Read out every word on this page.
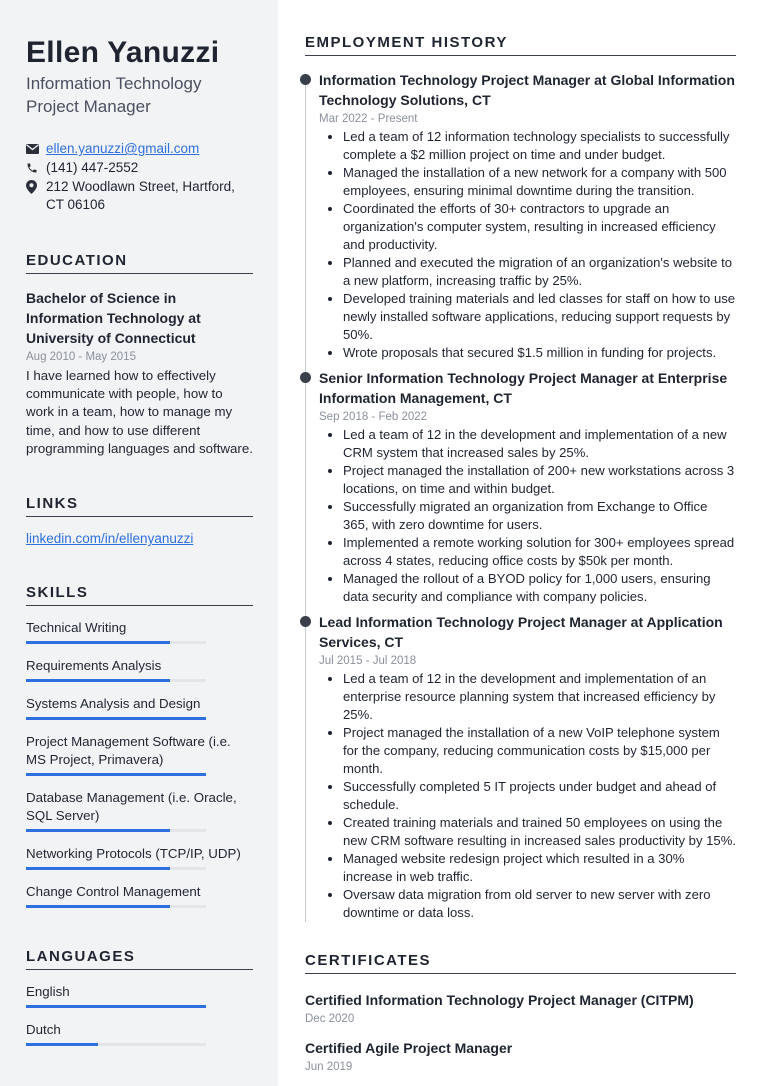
Ellen Yanuzzi
Information Technology Project Manager
ellen.yanuzzi@gmail.com
(141) 447-2552
212 Woodlawn Street, Hartford, CT 06106
EDUCATION
Bachelor of Science in Information Technology at University of Connecticut
Aug 2010 - May 2015
I have learned how to effectively communicate with people, how to work in a team, how to manage my time, and how to use different programming languages and software.
LINKS
linkedin.com/in/ellenyanuzzi
SKILLS
Technical Writing
Requirements Analysis
Systems Analysis and Design
Project Management Software (i.e. MS Project, Primavera)
Database Management (i.e. Oracle, SQL Server)
Networking Protocols (TCP/IP, UDP)
Change Control Management
LANGUAGES
English
Dutch
EMPLOYMENT HISTORY
Information Technology Project Manager at Global Information Technology Solutions, CT
Mar 2022 - Present
• Led a team of 12 information technology specialists to successfully complete a $2 million project on time and under budget.
• Managed the installation of a new network for a company with 500 employees, ensuring minimal downtime during the transition.
• Coordinated the efforts of 30+ contractors to upgrade an organization's computer system, resulting in increased efficiency and productivity.
• Planned and executed the migration of an organization's website to a new platform, increasing traffic by 25%.
• Developed training materials and led classes for staff on how to use newly installed software applications, reducing support requests by 50%.
• Wrote proposals that secured $1.5 million in funding for projects.
Senior Information Technology Project Manager at Enterprise Information Management, CT
Sep 2018 - Feb 2022
• Led a team of 12 in the development and implementation of a new CRM system that increased sales by 25%.
• Project managed the installation of 200+ new workstations across 3 locations, on time and within budget.
• Successfully migrated an organization from Exchange to Office 365, with zero downtime for users.
• Implemented a remote working solution for 300+ employees spread across 4 states, reducing office costs by $50k per month.
• Managed the rollout of a BYOD policy for 1,000 users, ensuring data security and compliance with company policies.
Lead Information Technology Project Manager at Application Services, CT
Jul 2015 - Jul 2018
• Led a team of 12 in the development and implementation of an enterprise resource planning system that increased efficiency by 25%.
• Project managed the installation of a new VoIP telephone system for the company, reducing communication costs by $15,000 per month.
• Successfully completed 5 IT projects under budget and ahead of schedule.
• Created training materials and trained 50 employees on using the new CRM software resulting in increased sales productivity by 15%.
• Managed website redesign project which resulted in a 30% increase in web traffic.
• Oversaw data migration from old server to new server with zero downtime or data loss.
CERTIFICATES
Certified Information Technology Project Manager (CITPM)
Dec 2020
Certified Agile Project Manager
Jun 2019
